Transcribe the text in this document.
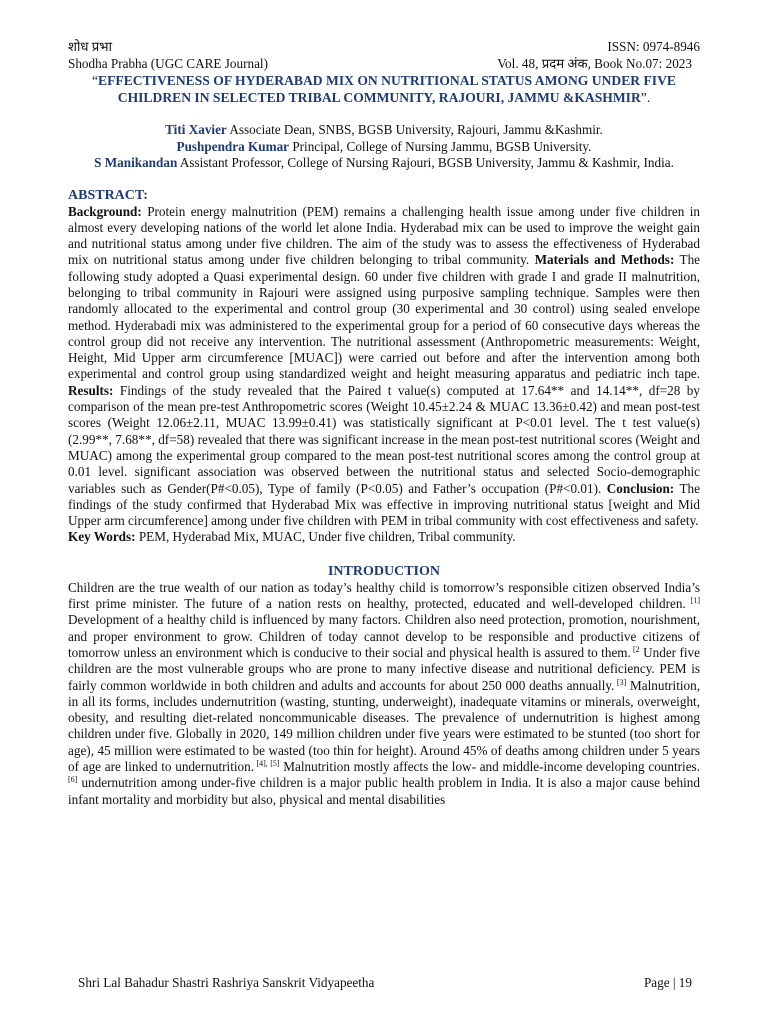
शोध प्रभा	ISSN: 0974-8946
Shodha Prabha (UGC CARE Journal)	Vol. 48, प्रदम अंक, Book No.07: 2023
“EFFECTIVENESS OF HYDERABAD MIX ON NUTRITIONAL STATUS AMONG UNDER FIVE CHILDREN IN SELECTED TRIBAL COMMUNITY, RAJOURI, JAMMU &KASHMIR”.
Titi Xavier Associate Dean, SNBS, BGSB University, Rajouri, Jammu &Kashmir.
Pushpendra Kumar Principal, College of Nursing Jammu, BGSB University.
S Manikandan Assistant Professor, College of Nursing Rajouri, BGSB University, Jammu & Kashmir, India.
ABSTRACT:

Background: Protein energy malnutrition (PEM) remains a challenging health issue among under five children in almost every developing nations of the world let alone India. Hyderabad mix can be used to improve the weight gain and nutritional status among under five children. The aim of the study was to assess the effectiveness of Hyderabad mix on nutritional status among under five children belonging to tribal community. Materials and Methods: The following study adopted a Quasi experimental design. 60 under five children with grade I and grade II malnutrition, belonging to tribal community in Rajouri were assigned using purposive sampling technique. Samples were then randomly allocated to the experimental and control group (30 experimental and 30 control) using sealed envelope method. Hyderabadi mix was administered to the experimental group for a period of 60 consecutive days whereas the control group did not receive any intervention. The nutritional assessment (Anthropometric measurements: Weight, Height, Mid Upper arm circumference [MUAC]) were carried out before and after the intervention among both experimental and control group using standardized weight and height measuring apparatus and pediatric inch tape. Results: Findings of the study revealed that the Paired t value(s) computed at 17.64** and 14.14**, df=28 by comparison of the mean pre-test Anthropometric scores (Weight 10.45±2.24 & MUAC 13.36±0.42) and mean post-test scores (Weight 12.06±2.11, MUAC 13.99±0.41) was statistically significant at P<0.01 level. The t test value(s) (2.99**, 7.68**, df=58) revealed that there was significant increase in the mean post-test nutritional scores (Weight and MUAC) among the experimental group compared to the mean post-test nutritional scores among the control group at 0.01 level. significant association was observed between the nutritional status and selected Socio-demographic variables such as Gender(P#<0.05), Type of family (P<0.05) and Father’s occupation (P#<0.01). Conclusion: The findings of the study confirmed that Hyderabad Mix was effective in improving nutritional status [weight and Mid Upper arm circumference] among under five children with PEM in tribal community with cost effectiveness and safety.

Key Words: PEM, Hyderabad Mix, MUAC, Under five children, Tribal community.
INTRODUCTION

Children are the true wealth of our nation as today’s healthy child is tomorrow’s responsible citizen observed India’s first prime minister. The future of a nation rests on healthy, protected, educated and well-developed children. [1] Development of a healthy child is influenced by many factors. Children also need protection, promotion, nourishment, and proper environment to grow. Children of today cannot develop to be responsible and productive citizens of tomorrow unless an environment which is conducive to their social and physical health is assured to them. $^{[2}$ Under five children are the most vulnerable groups who are prone to many infective disease and nutritional deficiency. PEM is fairly common worldwide in both children and adults and accounts for about 250 000 deaths annually. [3] Malnutrition, in all its forms, includes undernutrition (wasting, stunting, underweight), inadequate vitamins or minerals, overweight, obesity, and resulting diet-related noncommunicable diseases. The prevalence of undernutrition is highest among children under five. Globally in 2020, 149 million children under five years were estimated to be stunted (too short for age), 45 million were estimated to be wasted (too thin for height). Around 45% of deaths among children under 5 years of age are linked to undernutrition. [4], [5] Malnutrition mostly affects the low- and middle-income developing countries. [6] undernutrition among under-five children is a major public health problem in India. It is also a major cause behind infant mortality and morbidity but also, physical and mental disabilities

Shri Lal Bahadur Shastri Rashriya Sanskrit Vidyapeetha	Page | 19
